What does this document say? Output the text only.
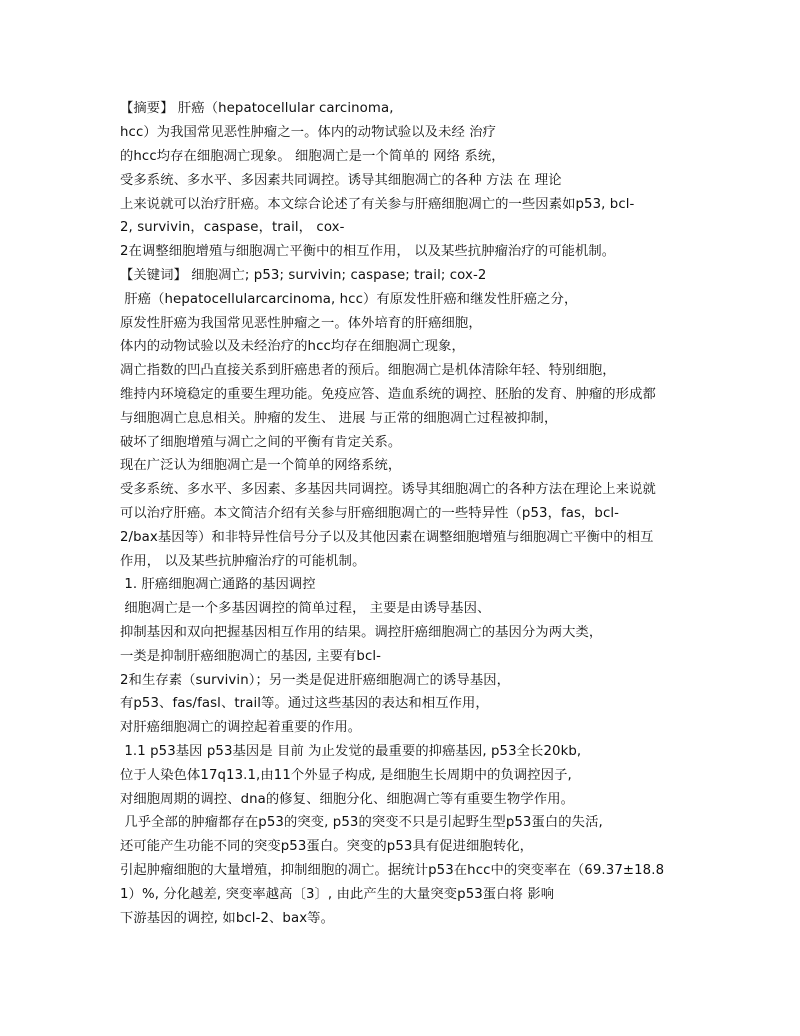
【摘要】 肝癌（hepatocellular carcinoma,
hcc）为我国常见恶性肿瘤之一。体内的动物试验以及未经 治疗
的hcc均存在细胞凋亡现象。 细胞凋亡是一个简单的 网络 系统，
受多系统、多水平、多因素共同调控。诱导其细胞凋亡的各种 方法 在 理论
上来说就可以治疗肝癌。本文综合论述了有关参与肝癌细胞凋亡的一些因素如p53, bcl-
2, survivin，caspase，trail， cox-
2在调整细胞增殖与细胞凋亡平衡中的相互作用， 以及某些抗肿瘤治疗的可能机制。
【关键词】 细胞凋亡; p53; survivin; caspase; trail; cox-2
肝癌（hepatocellularcarcinoma, hcc）有原发性肝癌和继发性肝癌之分，
原发性肝癌为我国常见恶性肿瘤之一。体外培育的肝癌细胞，
体内的动物试验以及未经治疗的hcc均存在细胞凋亡现象，
凋亡指数的凹凸直接关系到肝癌患者的预后。细胞凋亡是机体清除年轻、特别细胞，
维持内环境稳定的重要生理功能。免疫应答、造血系统的调控、胚胎的发育、肿瘤的形成都
与细胞凋亡息息相关。肿瘤的发生、 进展 与正常的细胞凋亡过程被抑制，
破坏了细胞增殖与凋亡之间的平衡有肯定关系。
现在广泛认为细胞凋亡是一个简单的网络系统，
受多系统、多水平、多因素、多基因共同调控。诱导其细胞凋亡的各种方法在理论上来说就
可以治疗肝癌。本文简洁介绍有关参与肝癌细胞凋亡的一些特异性（p53，fas，bcl-
2/bax基因等）和非特异性信号分子以及其他因素在调整细胞增殖与细胞凋亡平衡中的相互
作用， 以及某些抗肿瘤治疗的可能机制。
1. 肝癌细胞凋亡通路的基因调控
细胞凋亡是一个多基因调控的简单过程， 主要是由诱导基因、
抑制基因和双向把握基因相互作用的结果。调控肝癌细胞凋亡的基因分为两大类，
一类是抑制肝癌细胞凋亡的基因, 主要有bcl-
2和生存素（survivin）；另一类是促进肝癌细胞凋亡的诱导基因，
有p53、fas/fasl、trail等。通过这些基因的表达和相互作用，
对肝癌细胞凋亡的调控起着重要的作用。
1.1 p53基因 p53基因是 目前 为止发觉的最重要的抑癌基因, p53全长20kb,
位于人染色体17q13.1,由11个外显子构成, 是细胞生长周期中的负调控因子,
对细胞周期的调控、dna的修复、细胞分化、细胞凋亡等有重要生物学作用。
几乎全部的肿瘤都存在p53的突变, p53的突变不只是引起野生型p53蛋白的失活,
还可能产生功能不同的突变p53蛋白。突变的p53具有促进细胞转化，
引起肿瘤细胞的大量增殖，抑制细胞的凋亡。据统计p53在hcc中的突变率在（69.37±18.8
1）%, 分化越差, 突变率越高〔3〕, 由此产生的大量突变p53蛋白将 影响
下游基因的调控, 如bcl-2、bax等。
